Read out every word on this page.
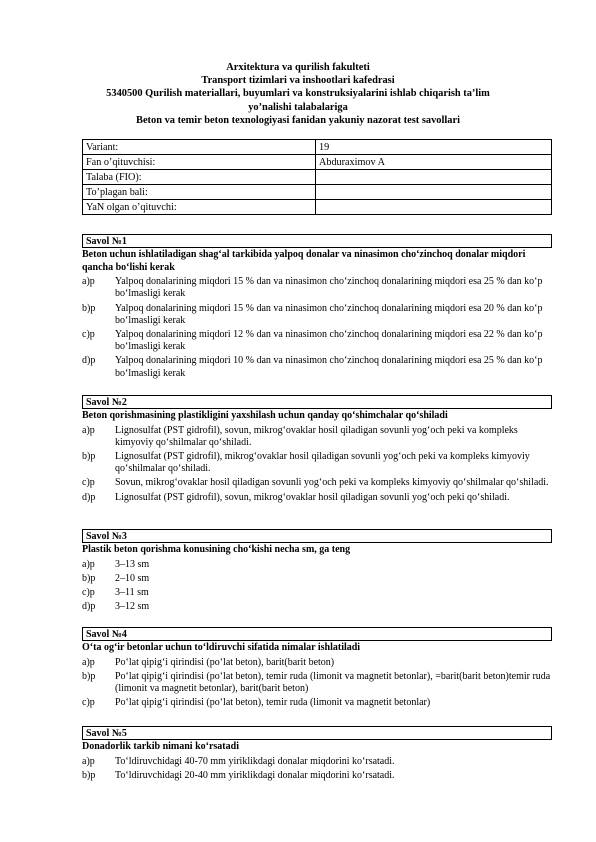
Arxitektura va qurilish fakulteti
Transport tizimlari va inshootlari kafedrasi
5340500 Qurilish materiallari, buyumlari va konstruksiyalarini ishlab chiqarish ta’lim
yo’nalishi talabalariga
Beton va temir beton texnologiyasi fanidan yakuniy nazorat test savollari
Variant:	19
Fan o’qituvchisi:	Abduraximov A
Talaba (FIO):	
To’plagan bali:	
YaN olgan o’qituvchi:	
Savol №1
Beton uchun ishlatiladigan shag‘al tarkibida yalpoq donalar va ninasimon cho‘zinchoq donalar miqdori qancha bo‘lishi kerak
a)p	Yalpoq donalarining miqdori 15 % dan va ninasimon cho‘zinchoq donalarining miqdori esa 25 % dan ko‘p bo‘lmasligi kerak
b)p	Yalpoq donalarining miqdori 15 % dan va ninasimon cho‘zinchoq donalarining miqdori esa 20 % dan ko‘p bo‘lmasligi kerak
c)p	Yalpoq donalarining miqdori 12 % dan va ninasimon cho‘zinchoq donalarining miqdori esa 22 % dan ko‘p bo‘lmasligi kerak
d)p	Yalpoq donalarining miqdori 10 % dan va ninasimon cho‘zinchoq donalarining miqdori esa 25 % dan ko‘p bo‘lmasligi kerak
Savol №2
Beton qorishmasining plastikligini yaxshilash uchun qanday qo‘shimchalar qo‘shiladi
a)p	Lignosulfat (PST gidrofil), sovun, mikrog‘ovaklar hosil qiladigan sovunli yog‘och peki va kompleks kimyoviy qo‘shilmalar qo‘shiladi.
b)p	Lignosulfat (PST gidrofil), mikrog‘ovaklar hosil qiladigan sovunli yog‘och peki va kompleks kimyoviy qo‘shilmalar qo‘shiladi.
c)p	Sovun, mikrog‘ovaklar hosil qiladigan sovunli yog‘och peki va kompleks kimyoviy qo‘shilmalar qo‘shiladi.
d)p	Lignosulfat (PST gidrofil), sovun, mikrog‘ovaklar hosil qiladigan sovunli yog‘och peki qo‘shiladi.
Savol №3
Plastik beton qorishma konusining cho‘kishi necha sm, ga teng
a)p	3–13 sm
b)p	2–10 sm
c)p	3–11 sm
d)p	3–12 sm
Savol №4
O‘ta og‘ir betonlar uchun to‘ldiruvchi sifatida nimalar ishlatiladi
a)p	Po‘lat qipig‘i qirindisi (po‘lat beton), barit(barit beton)
b)p	Po‘lat qipig‘i qirindisi (po‘lat beton), temir ruda (limonit va magnetit betonlar), =barit(barit beton)temir ruda (limonit va magnetit betonlar), barit(barit beton)
c)p	Po‘lat qipig‘i qirindisi (po‘lat beton), temir ruda (limonit va magnetit betonlar)
Savol №5
Donadorlik tarkib nimani ko‘rsatadi
a)p	To‘ldiruvchidagi 40-70 mm yiriklikdagi donalar miqdorini ko‘rsatadi.
b)p	To‘ldiruvchidagi 20-40 mm yiriklikdagi donalar miqdorini ko‘rsatadi.
